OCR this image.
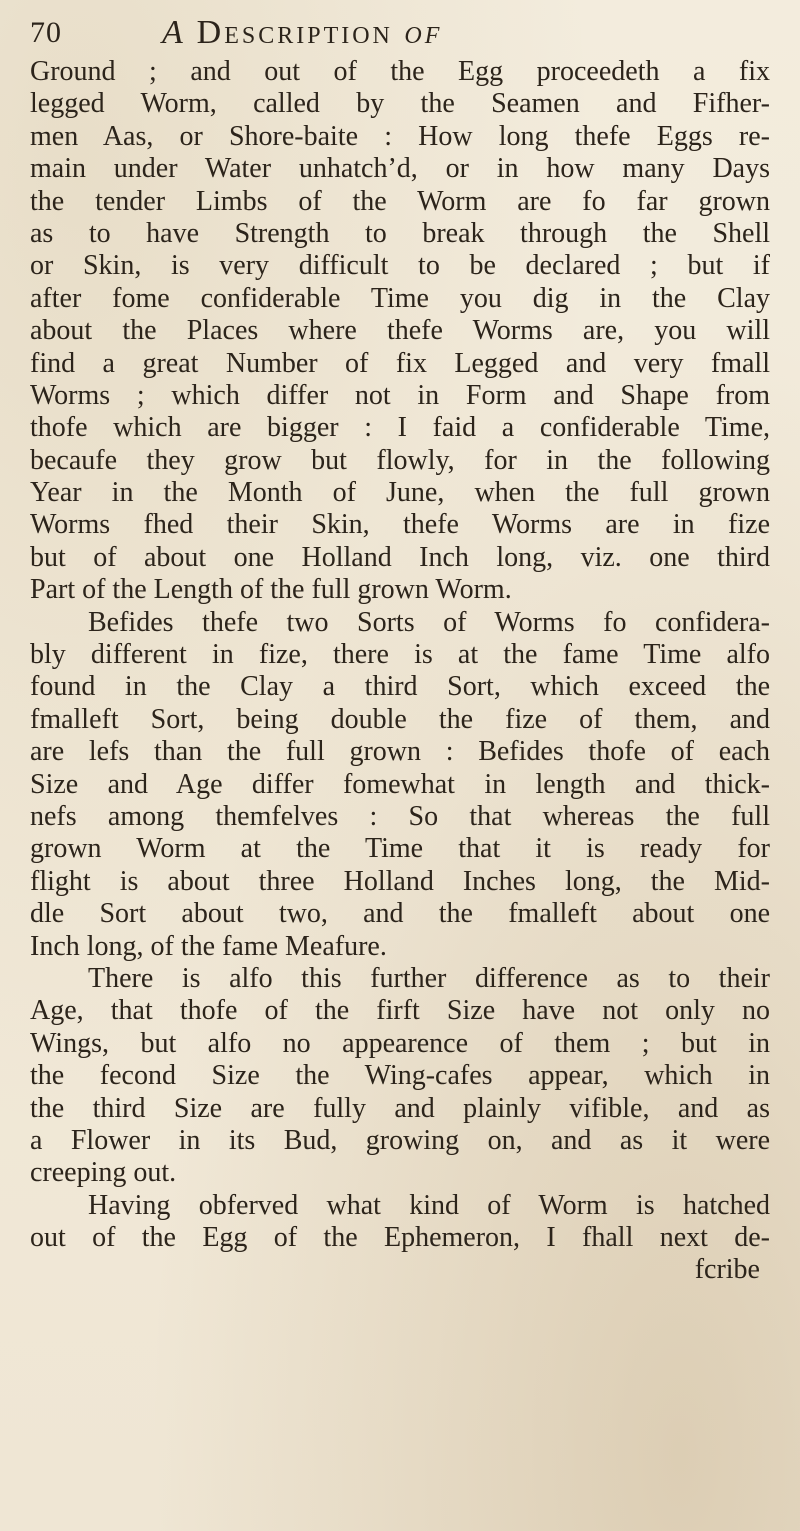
70	A Description of
Ground ; and out of the Egg proceedeth a fix
legged Worm, called by the Seamen and Fifher-
men Aas, or Shore-baite : How long thefe Eggs re-
main under Water unhatch’d, or in how many Days
the tender Limbs of the Worm are fo far grown
as to have Strength to break through the Shell
or Skin, is very difficult to be declared ; but if
after fome confiderable Time you dig in the Clay
about the Places where thefe Worms are, you will
find a great Number of fix Legged and very fmall
Worms ; which differ not in Form and Shape from
thofe which are bigger : I faid a confiderable Time,
becaufe they grow but flowly, for in the following
Year in the Month of June, when the full grown
Worms fhed their Skin, thefe Worms are in fize
but of about one Holland Inch long, viz. one third
Part of the Length of the full grown Worm.
Befides thefe two Sorts of Worms fo confidera-
bly different in fize, there is at the fame Time alfo
found in the Clay a third Sort, which exceed the
fmalleft Sort, being double the fize of them, and
are lefs than the full grown : Befides thofe of each
Size and Age differ fomewhat in length and thick-
nefs among themfelves : So that whereas the full
grown Worm at the Time that it is ready for
flight is about three Holland Inches long, the Mid-
dle Sort about two, and the fmalleft about one
Inch long, of the fame Meafure.
There is alfo this further difference as to their
Age, that thofe of the firft Size have not only no
Wings, but alfo no appearence of them ; but in
the fecond Size the Wing-cafes appear, which in
the third Size are fully and plainly vifible, and as
a Flower in its Bud, growing on, and as it were
creeping out.
Having obferved what kind of Worm is hatched
out of the Egg of the Ephemeron, I fhall next de-
fcribe
